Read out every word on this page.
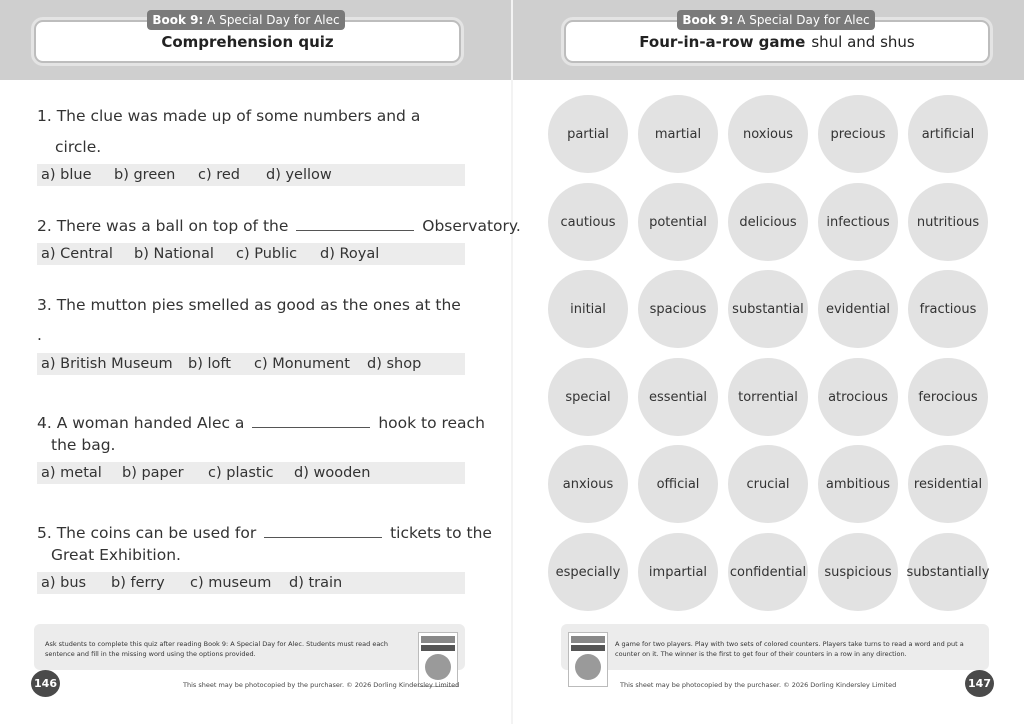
Book 9: A Special Day for Alec
Comprehension quiz
Book 9: A Special Day for Alec
Four-in-a-row game shul and shus
1. The clue was made up of some numbers and a
circle.
a) blue b) green c) red d) yellow
2. There was a ball on top of the	Observatory.
a) Central b) National c) Public d) Royal
3. The mutton pies smelled as good as the ones at the
.
a) British Museum b) loft c) Monument d) shop
4. A woman handed Alec a	hook to reach
the bag.
a) metal b) paper c) plastic d) wooden
5. The coins can be used for	tickets to the
Great Exhibition.
a) bus b) ferry c) museum d) train
partial	martial	noxious	precious	artificial
cautious	potential delicious infectious nutritious
initial	spacious substantial evidential fractious
special	essential torrential atrocious ferocious
anxious	official	crucial	ambitious residential
especially impartial confidential suspicious substantially
Ask students to complete this quiz after reading Book 9: A Special Day for Alec. Students must read each sentence and fill in the missing word using the options provided.
A game for two players. Play with two sets of colored counters. Players take turns to read a word and put a counter on it. The winner is the first to get four of their counters in a row in any direction.
146	This sheet may be photocopied by the purchaser. © 2026 Dorling Kindersley Limited	147
This sheet may be photocopied by the purchaser. © 2026 Dorling Kindersley Limited
